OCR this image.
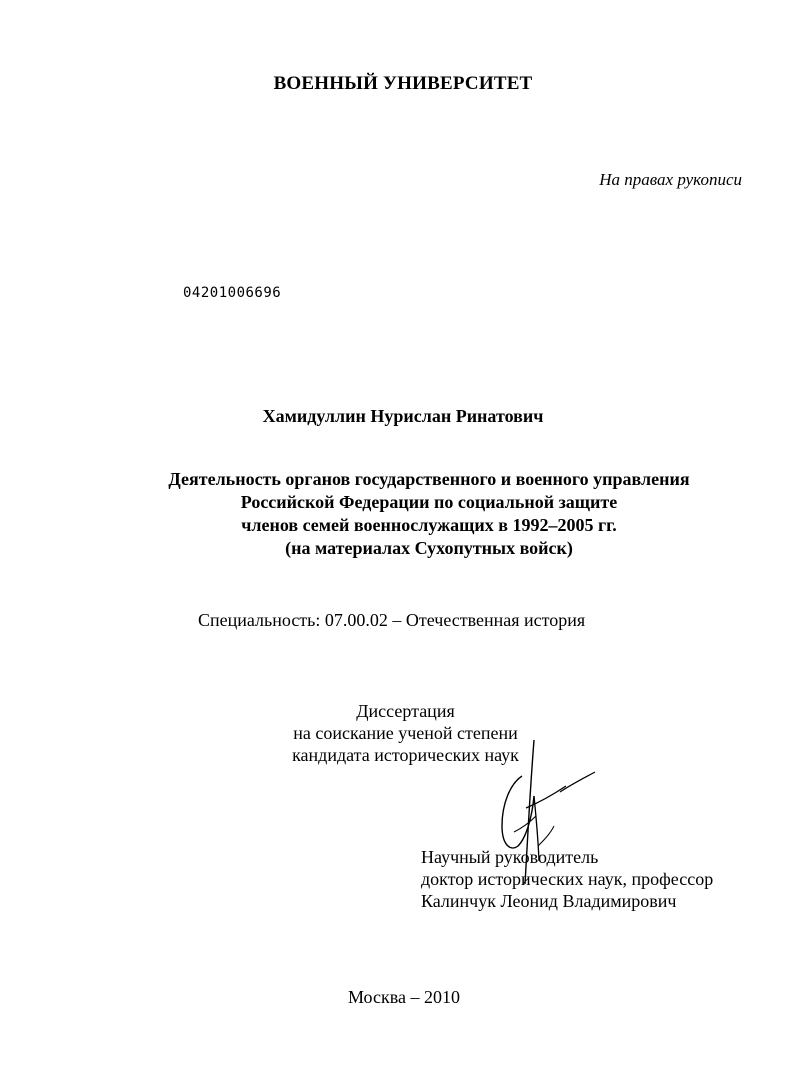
ВОЕННЫЙ УНИВЕРСИТЕТ
На правах рукописи
04201006696
Хамидуллин Нурислан Ринатович
Деятельность органов государственного и военного управления
Российской Федерации по социальной защите
членов семей военнослужащих в 1992–2005 гг.
(на материалах Сухопутных войск)
Специальность: 07.00.02 – Отечественная история
Диссертация
на соискание ученой степени
кандидата исторических наук
Научный руководитель
доктор исторических наук, профессор
Калинчук Леонид Владимирович
Москва – 2010
